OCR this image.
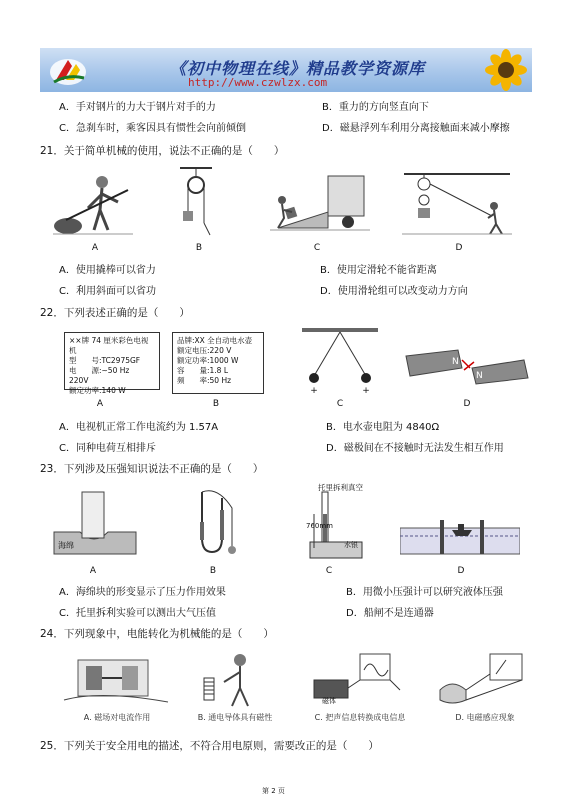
《初中物理在线》精品教学资源库
http://www.czwlzx.com
A．手对钢片的力大于钢片对手的力	B．重力的方向竖直向下
C．急刹车时，乘客因具有惯性会向前倾倒	D．磁悬浮列车利用分离接触面来减小摩擦
21．关于简单机械的使用，说法不正确的是（　　）
A	B	C	D
A．使用撬棒可以省力	B．使用定滑轮不能省距离
C．利用斜面可以省功	D．使用滑轮组可以改变动力方向
22．下列表述正确的是（　　）
××牌 74 厘米彩色电视机
型　　号:TC2975GF
电　　源:~50 Hz　220V
额定功率:140 W
A
品牌:XX 全自动电水壶
额定电压:220 V
额定功率:1000 W
容　　量:1.8 L
频　　率:50 Hz
B
+	+
C
N
N
D
A．电视机正常工作电流约为 1.57A	B．电水壶电阻为 4840Ω
C．同种电荷互相排斥	D．磁极间在不接触时无法发生相互作用
23．下列涉及压强知识说法不正确的是（　　）
海绵
A	B
托里拆利真空
760mm
水银
C	D
A．海绵块的形变显示了压力作用效果	B．用微小压强计可以研究液体压强
C．托里拆利实验可以测出大气压值	D．船闸不是连通器
24．下列现象中，电能转化为机械能的是（　　）
磁体
A. 磁场对电流作用	B. 通电导体具有磁性	C. 把声信息转换成电信息	D. 电磁感应现象
25．下列关于安全用电的描述，不符合用电原则，需要改正的是（　　）
第 2 页
